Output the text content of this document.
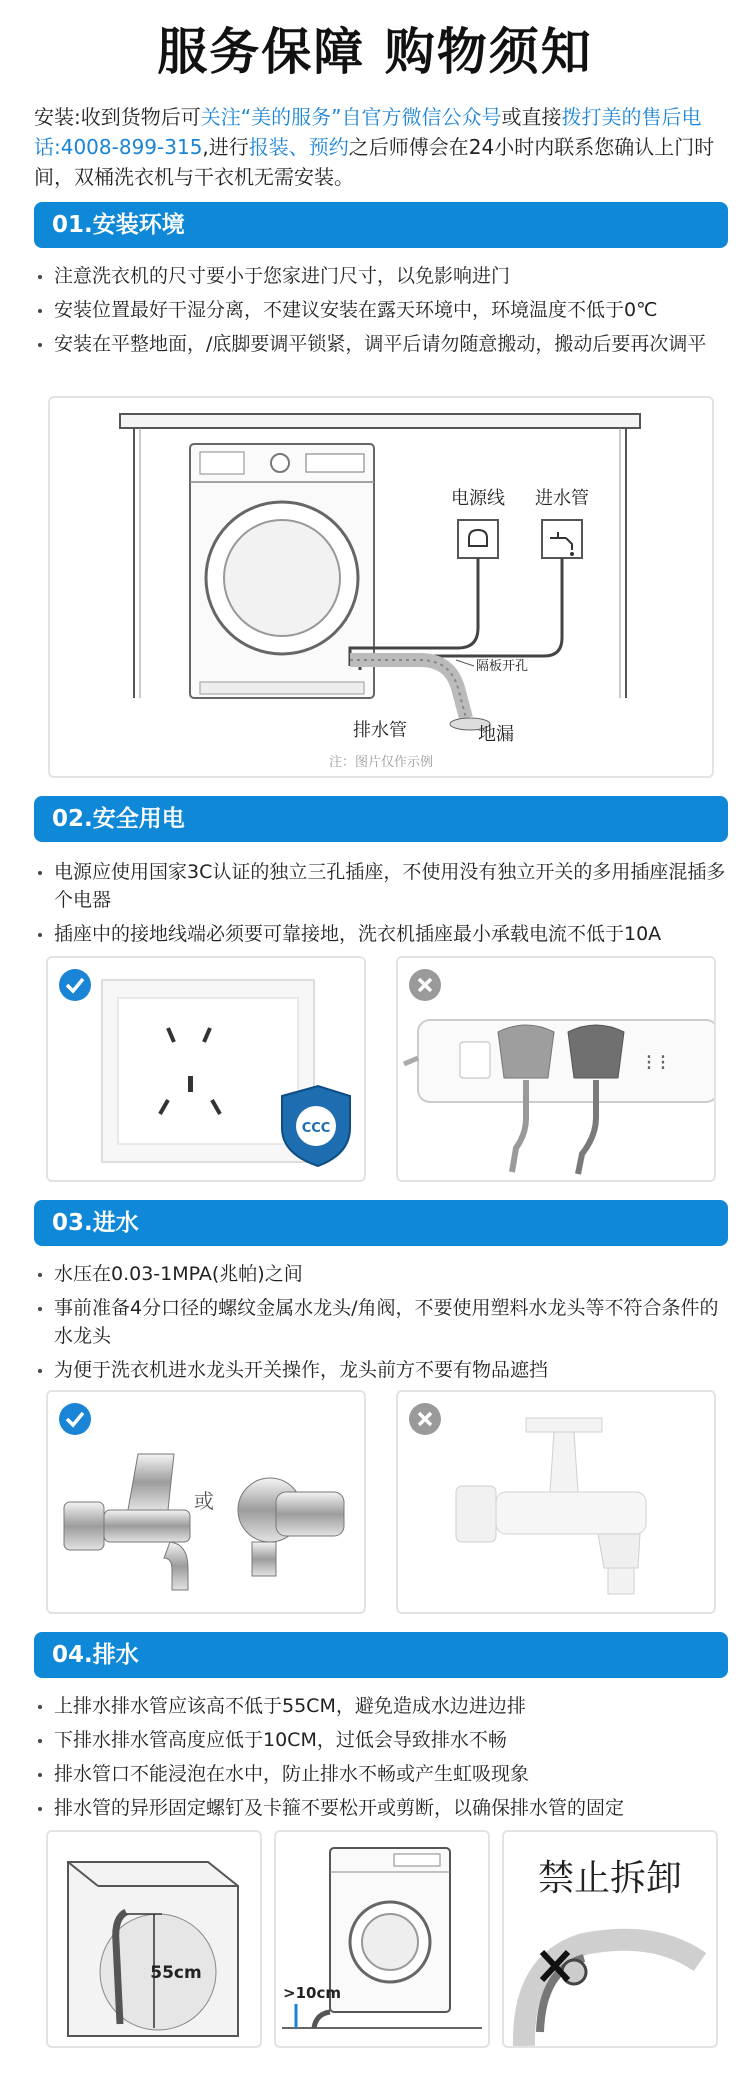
服务保障 购物须知

安装:收到货物后可关注“美的服务”自官方微信公众号或直接拨打美的售后电话:4008-899-315,进行报装、预约之后师傅会在24小时内联系您确认上门时间，双桶洗衣机与干衣机无需安装。

01.安装环境
注意洗衣机的尺寸要小于您家进门尺寸，以免影响进门
安装位置最好干湿分离，不建议安装在露天环境中，环境温度不低于0℃
安装在平整地面，/底脚要调平锁紧，调平后请勿随意搬动，搬动后要再次调平
电源线 进水管
隔板开孔
排水管	地漏
注：图片仅作示例
02.安全用电
电源应使用国家3C认证的独立三孔插座，不使用没有独立开关的多用插座混插多个电器
插座中的接地线端必须要可靠接地，洗衣机插座最小承载电流不低于10A
CCC
⁝ ⁝
03.进水
水压在0.03-1MPA(兆帕)之间
事前准备4分口径的螺纹金属水龙头/角阀，不要使用塑料水龙头等不符合条件的水龙头
为便于洗衣机进水龙头开关操作，龙头前方不要有物品遮挡
或
04.排水
上排水排水管应该高不低于55CM，避免造成水边进边排
下排水排水管高度应低于10CM，过低会导致排水不畅
排水管口不能浸泡在水中，防止排水不畅或产生虹吸现象
排水管的异形固定螺钉及卡箍不要松开或剪断，以确保排水管的固定
55cm
>10cm
禁止拆卸
